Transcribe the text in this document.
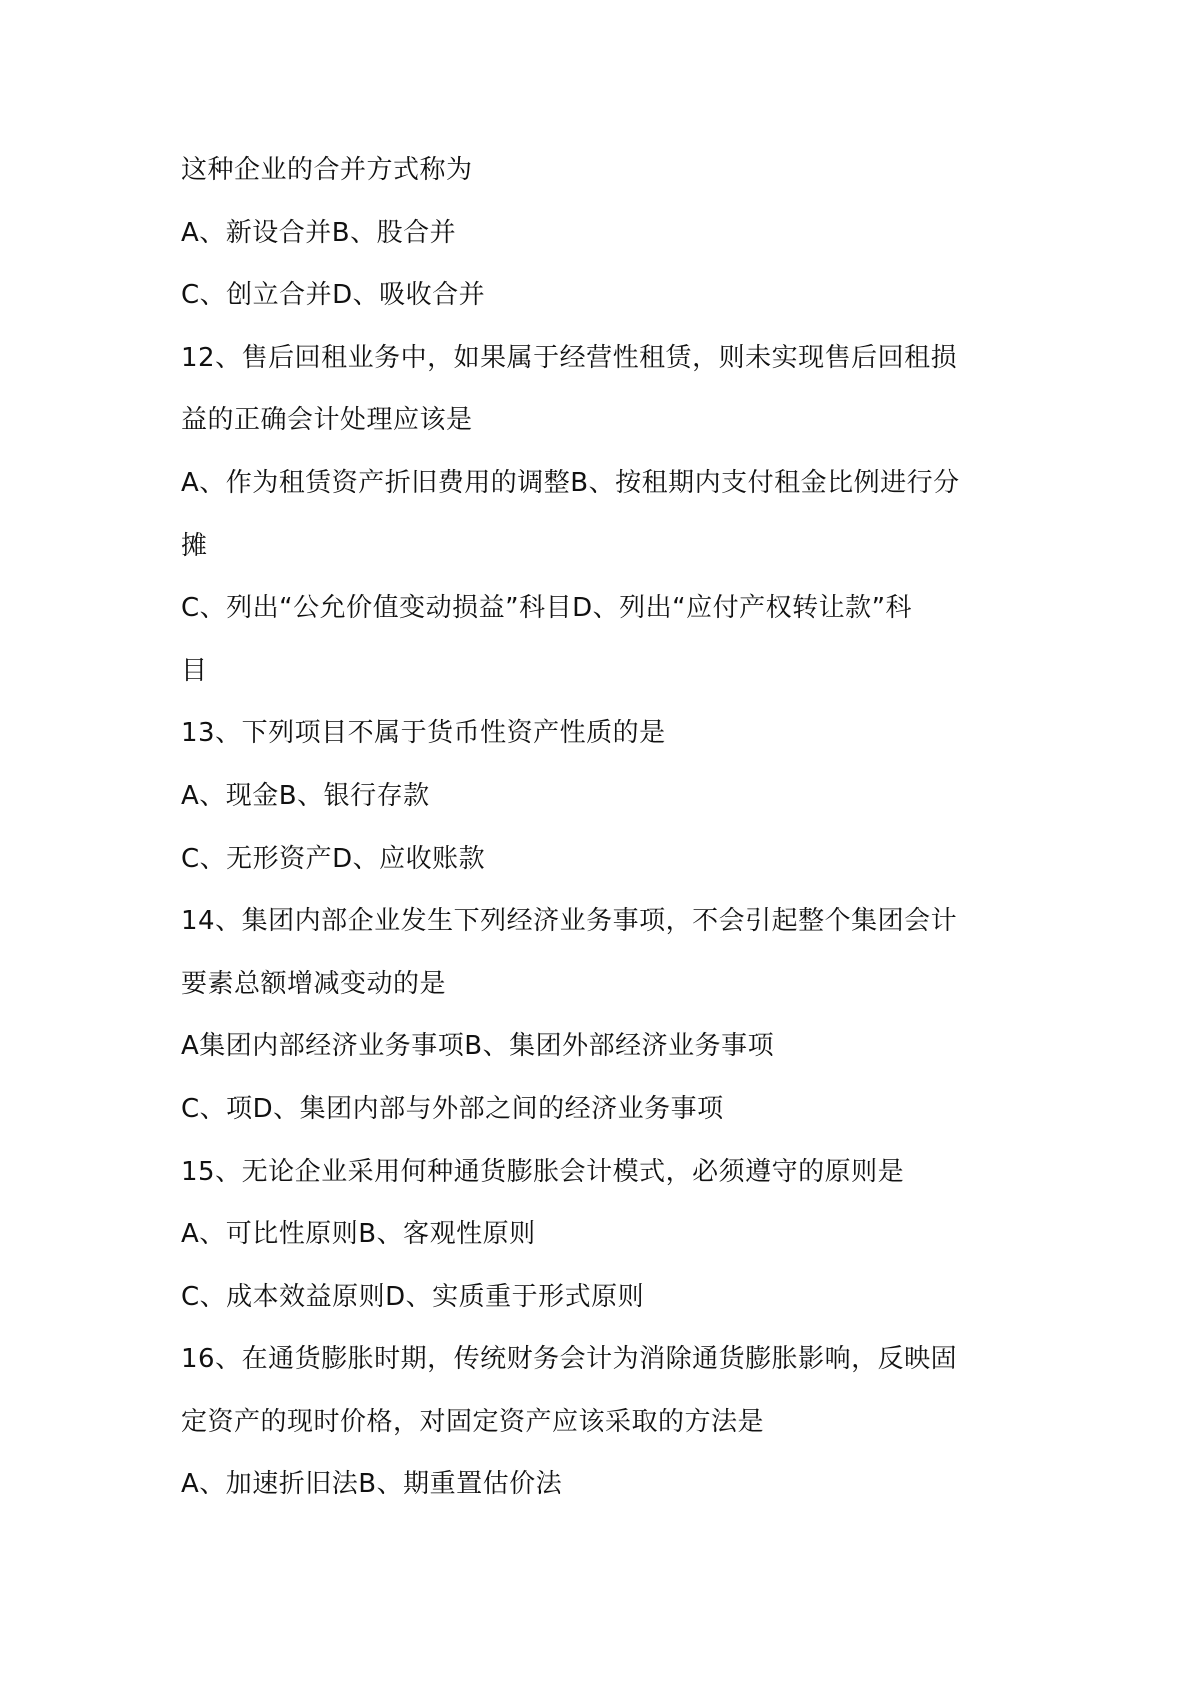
这种企业的合并方式称为
A、新设合并B、股合并
C、创立合并D、吸收合并
12、售后回租业务中，如果属于经营性租赁，则未实现售后回租损
益的正确会计处理应该是
A、作为租赁资产折旧费用的调整B、按租期内支付租金比例进行分
摊
C、列出“公允价值变动损益”科目D、列出“应付产权转让款”科
目
13、下列项目不属于货币性资产性质的是
A、现金B、银行存款
C、无形资产D、应收账款
14、集团内部企业发生下列经济业务事项，不会引起整个集团会计
要素总额增减变动的是
A集团内部经济业务事项B、集团外部经济业务事项
C、项D、集团内部与外部之间的经济业务事项
15、无论企业采用何种通货膨胀会计模式，必须遵守的原则是
A、可比性原则B、客观性原则
C、成本效益原则D、实质重于形式原则
16、在通货膨胀时期，传统财务会计为消除通货膨胀影响，反映固
定资产的现时价格，对固定资产应该采取的方法是
A、加速折旧法B、期重置估价法
